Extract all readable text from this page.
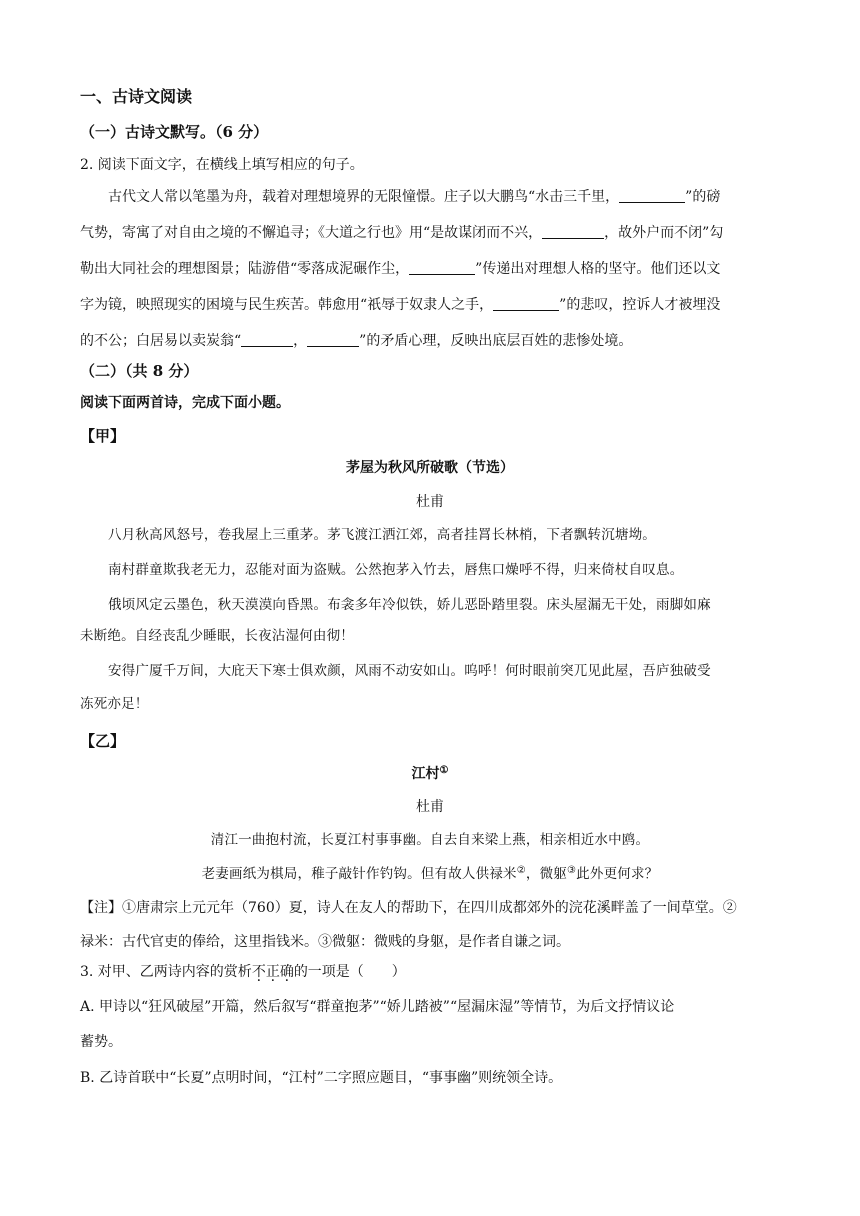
一、古诗文阅读
（一）古诗文默写。（6 分）
2. 阅读下面文字，在横线上填写相应的句子。
古代文人常以笔墨为舟，载着对理想境界的无限憧憬。庄子以大鹏鸟“水击三千里，	”的磅
气势，寄寓了对自由之境的不懈追寻；《大道之行也》用“是故谋闭而不兴，	，故外户而不闭”勾
勒出大同社会的理想图景；陆游借“零落成泥碾作尘，	”传递出对理想人格的坚守。他们还以文
字为镜，映照现实的困境与民生疾苦。韩愈用“祇辱于奴隶人之手，	”的悲叹，控诉人才被埋没
的不公；白居易以卖炭翁“	，	”的矛盾心理，反映出底层百姓的悲惨处境。
（二）（共 8 分）
阅读下面两首诗，完成下面小题。
【甲】
茅屋为秋风所破歌（节选）
杜甫
八月秋高风怒号，卷我屋上三重茅。茅飞渡江洒江郊，高者挂罥长林梢，下者飘转沉塘坳。
南村群童欺我老无力，忍能对面为盗贼。公然抱茅入竹去，唇焦口燥呼不得，归来倚杖自叹息。
俄顷风定云墨色，秋天漠漠向昏黑。布衾多年冷似铁，娇儿恶卧踏里裂。床头屋漏无干处，雨脚如麻
未断绝。自经丧乱少睡眠，长夜沾湿何由彻！
安得广厦千万间，大庇天下寒士俱欢颜，风雨不动安如山。呜呼！何时眼前突兀见此屋，吾庐独破受
冻死亦足！
【乙】
江村①
杜甫
清江一曲抱村流，长夏江村事事幽。自去自来梁上燕，相亲相近水中鸥。
老妻画纸为棋局，稚子敲针作钓钩。但有故人供禄米②，微躯③此外更何求？
【注】①唐肃宗上元元年（760）夏，诗人在友人的帮助下，在四川成都郊外的浣花溪畔盖了一间草堂。②
禄米：古代官吏的俸给，这里指钱米。③微躯：微贱的身躯，是作者自谦之词。
3. 对甲、乙两诗内容的赏析不正确的一项是（　　）
A. 甲诗以“狂风破屋”开篇，然后叙写“群童抱茅”“娇儿踏被”“屋漏床湿”等情节，为后文抒情议论
蓄势。
B. 乙诗首联中“长夏”点明时间，“江村”二字照应题目，“事事幽”则统领全诗。
